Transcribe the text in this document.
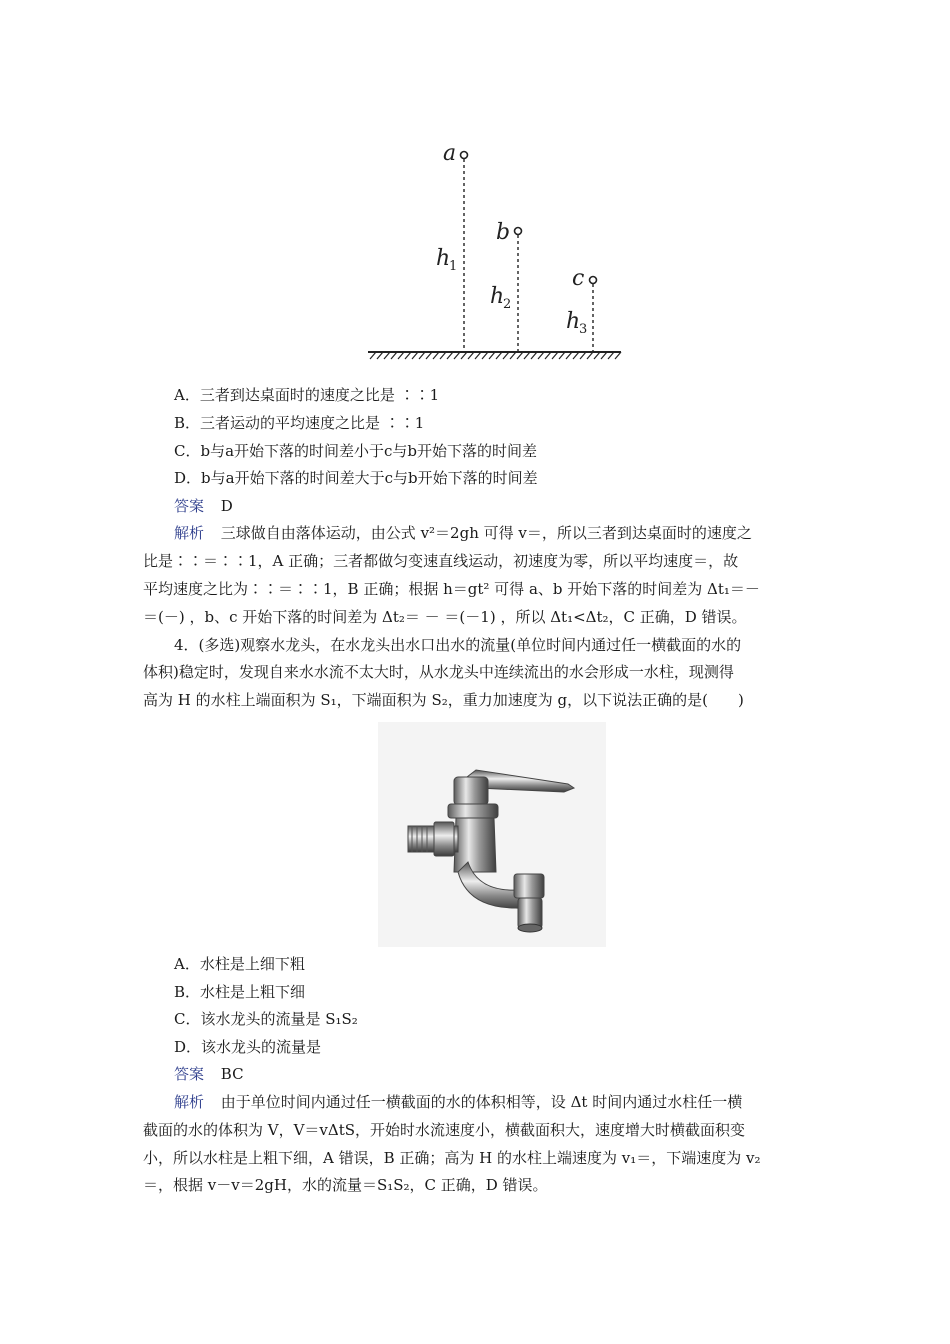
a
b
c
h
h
h
1
2
3
A．三者到达桌面时的速度之比是 ∶∶1
B．三者运动的平均速度之比是 ∶∶1
C．b与a开始下落的时间差小于c与b开始下落的时间差
D．b与a开始下落的时间差大于c与b开始下落的时间差
答案 D
解析 三球做自由落体运动，由公式 v²＝2gh 可得 v＝，所以三者到达桌面时的速度之
比是∶∶＝∶∶1，A 正确；三者都做匀变速直线运动，初速度为零，所以平均速度＝，故
平均速度之比为∶∶＝∶∶1，B 正确；根据 h＝gt² 可得 a、b 开始下落的时间差为 Δt₁＝－
＝(－) ，b、c 开始下落的时间差为 Δt₂＝ － ＝(－1) ，所以 Δt₁<Δt₂，C 正确，D 错误。
4．(多选)观察水龙头，在水龙头出水口出水的流量(单位时间内通过任一横截面的水的
体积)稳定时，发现自来水水流不太大时，从水龙头中连续流出的水会形成一水柱，现测得
高为 H 的水柱上端面积为 S₁，下端面积为 S₂，重力加速度为 g，以下说法正确的是(　　)
A．水柱是上细下粗
B．水柱是上粗下细
C．该水龙头的流量是 S₁S₂
D．该水龙头的流量是
答案 BC
解析 由于单位时间内通过任一横截面的水的体积相等，设 Δt 时间内通过水柱任一横
截面的水的体积为 V，V＝vΔtS，开始时水流速度小，横截面积大，速度增大时横截面积变
小，所以水柱是上粗下细，A 错误，B 正确；高为 H 的水柱上端速度为 v₁＝，下端速度为 v₂
＝，根据 v－v＝2gH，水的流量＝S₁S₂，C 正确，D 错误。
